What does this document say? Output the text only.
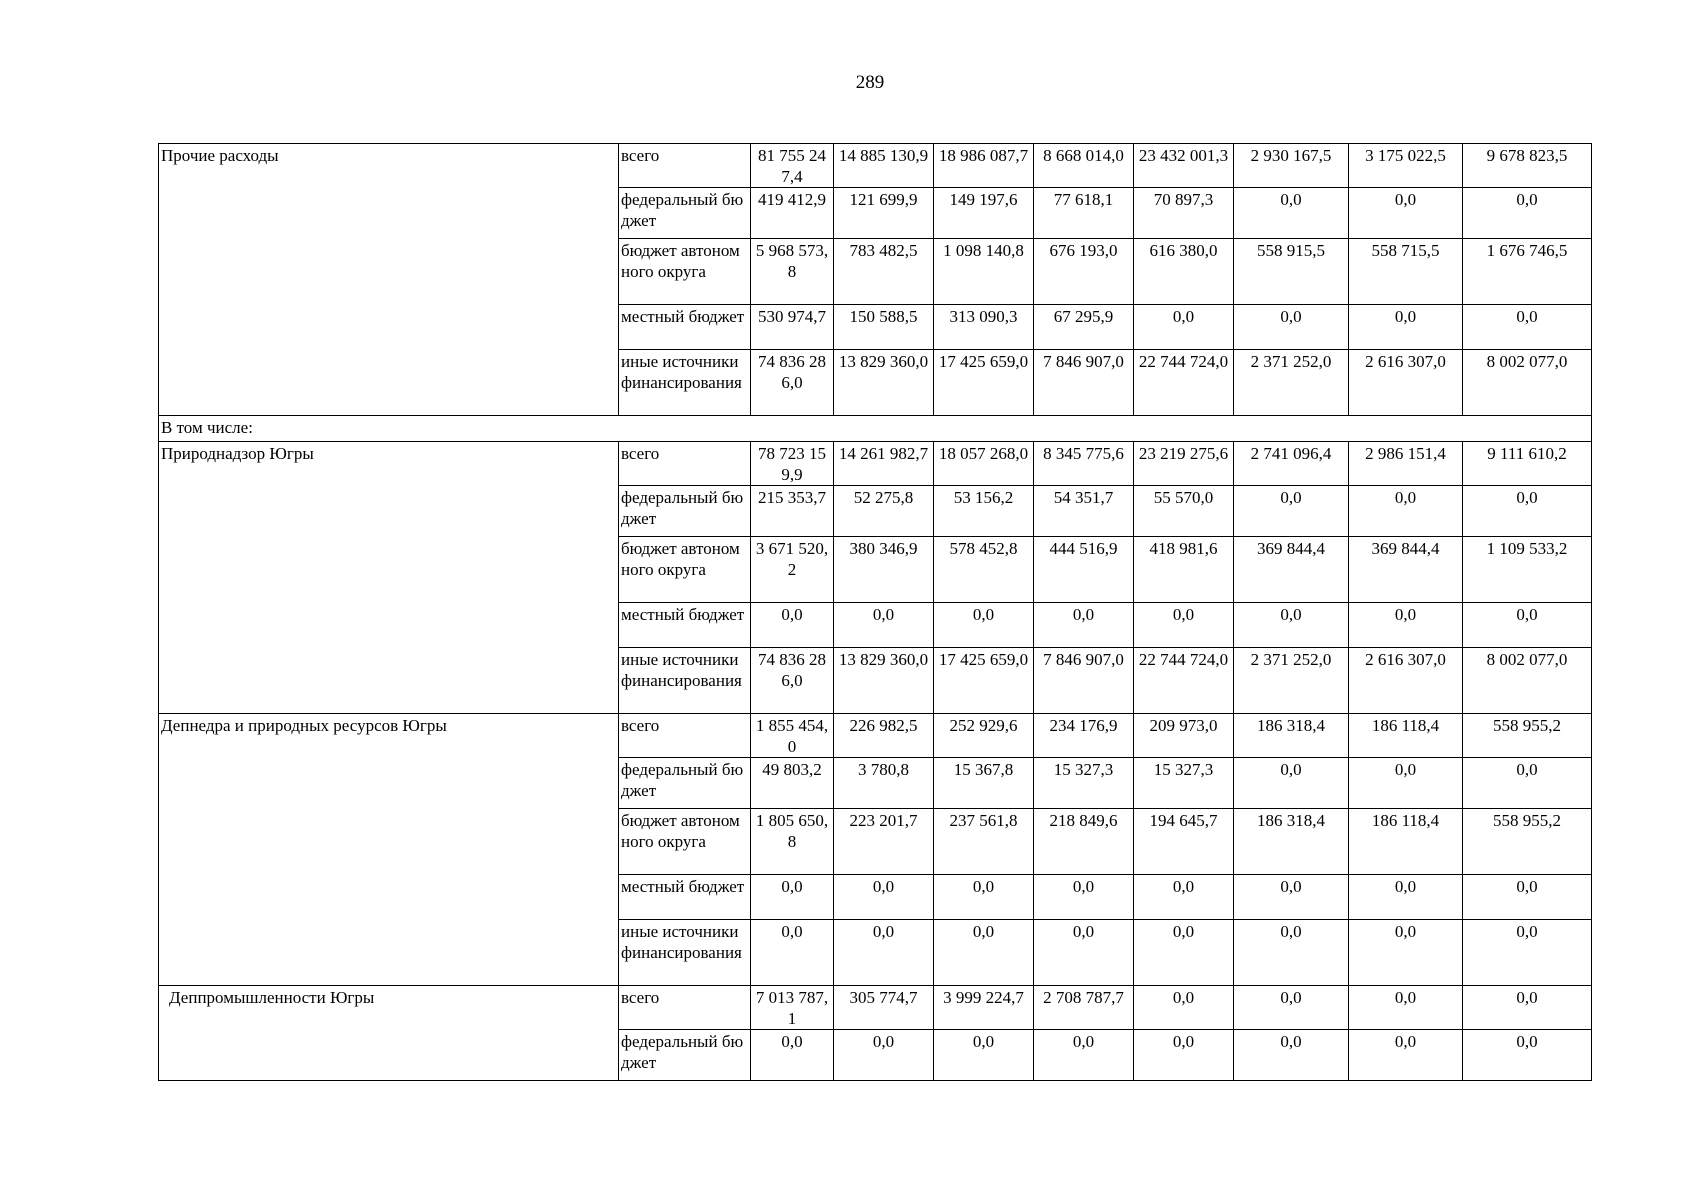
289
Прочие расходы	всего	81 755 247,4	14 885 130,9	18 986 087,7	8 668 014,0	23 432 001,3	2 930 167,5	3 175 022,5	9 678 823,5
	федеральный бюджет	419 412,9	121 699,9	149 197,6	77 618,1	70 897,3	0,0	0,0	0,0
	бюджет автономного округа	5 968 573,8	783 482,5	1 098 140,8	676 193,0	616 380,0	558 915,5	558 715,5	1 676 746,5
	местный бюджет	530 974,7	150 588,5	313 090,3	67 295,9	0,0	0,0	0,0	0,0
	иные источники финансирования	74 836 286,0	13 829 360,0	17 425 659,0	7 846 907,0	22 744 724,0	2 371 252,0	2 616 307,0	8 002 077,0
В том числе:									
Природнадзор Югры	всего	78 723 159,9	14 261 982,7	18 057 268,0	8 345 775,6	23 219 275,6	2 741 096,4	2 986 151,4	9 111 610,2
	федеральный бюджет	215 353,7	52 275,8	53 156,2	54 351,7	55 570,0	0,0	0,0	0,0
	бюджет автономного округа	3 671 520,2	380 346,9	578 452,8	444 516,9	418 981,6	369 844,4	369 844,4	1 109 533,2
	местный бюджет	0,0	0,0	0,0	0,0	0,0	0,0	0,0	0,0
	иные источники финансирования	74 836 286,0	13 829 360,0	17 425 659,0	7 846 907,0	22 744 724,0	2 371 252,0	2 616 307,0	8 002 077,0
Депнедра и природных ресурсов Югры	всего	1 855 454,0	226 982,5	252 929,6	234 176,9	209 973,0	186 318,4	186 118,4	558 955,2
	федеральный бюджет	49 803,2	3 780,8	15 367,8	15 327,3	15 327,3	0,0	0,0	0,0
	бюджет автономного округа	1 805 650,8	223 201,7	237 561,8	218 849,6	194 645,7	186 318,4	186 118,4	558 955,2
	местный бюджет	0,0	0,0	0,0	0,0	0,0	0,0	0,0	0,0
	иные источники финансирования	0,0	0,0	0,0	0,0	0,0	0,0	0,0	0,0
Деппромышленности Югры	всего	7 013 787,1	305 774,7	3 999 224,7	2 708 787,7	0,0	0,0	0,0	0,0
	федеральный бюджет	0,0	0,0	0,0	0,0	0,0	0,0	0,0	0,0
